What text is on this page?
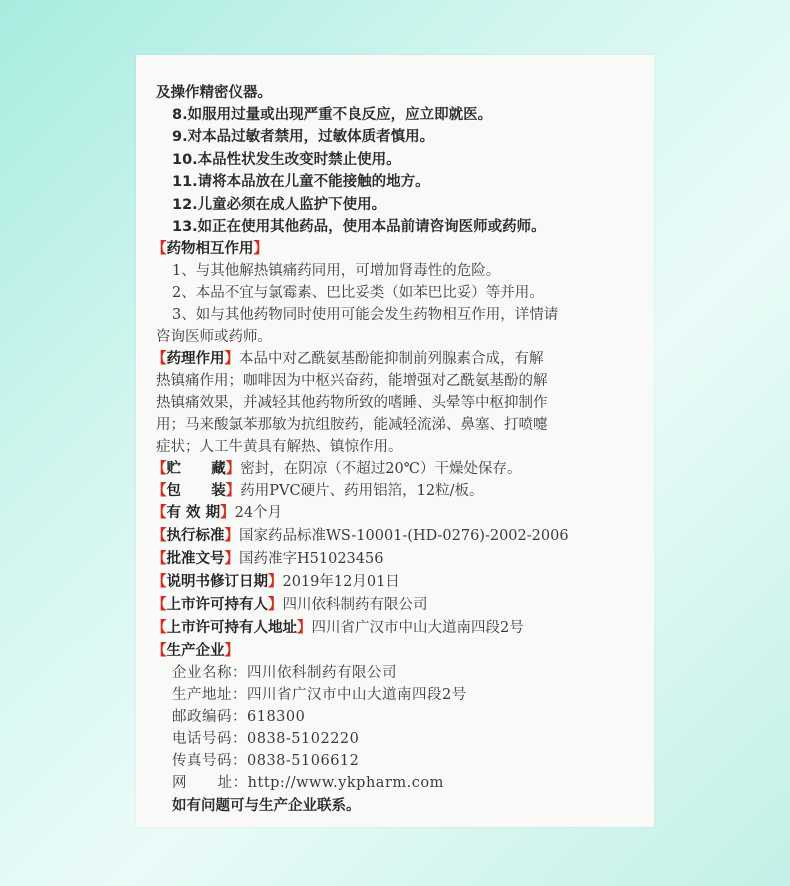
及操作精密仪器。
8.如服用过量或出现严重不良反应，应立即就医。
9.对本品过敏者禁用，过敏体质者慎用。
10.本品性状发生改变时禁止使用。
11.请将本品放在儿童不能接触的地方。
12.儿童必须在成人监护下使用。
13.如正在使用其他药品，使用本品前请咨询医师或药师。
【药物相互作用】
1、与其他解热镇痛药同用，可增加肾毒性的危险。
2、本品不宜与氯霉素、巴比妥类（如苯巴比妥）等并用。
3、如与其他药物同时使用可能会发生药物相互作用，详情请
咨询医师或药师。
【药理作用】本品中对乙酰氨基酚能抑制前列腺素合成，有解
热镇痛作用；咖啡因为中枢兴奋药，能增强对乙酰氨基酚的解
热镇痛效果，并减轻其他药物所致的嗜睡、头晕等中枢抑制作
用；马来酸氯苯那敏为抗组胺药，能减轻流涕、鼻塞、打喷嚏
症状；人工牛黄具有解热、镇惊作用。
【贮      藏】密封，在阴凉（不超过20℃）干燥处保存。
【包      装】药用PVC硬片、药用铝箔，12粒/板。
【有 效 期】24个月
【执行标准】国家药品标准WS-10001-(HD-0276)-2002-2006
【批准文号】国药准字H51023456
【说明书修订日期】2019年12月01日
【上市许可持有人】四川依科制药有限公司
【上市许可持有人地址】四川省广汉市中山大道南四段2号
【生产企业】
企业名称：四川依科制药有限公司
生产地址：四川省广汉市中山大道南四段2号
邮政编码：618300
电话号码：0838-5102220
传真号码：0838-5106612
网      址：http://www.ykpharm.com
如有问题可与生产企业联系。
